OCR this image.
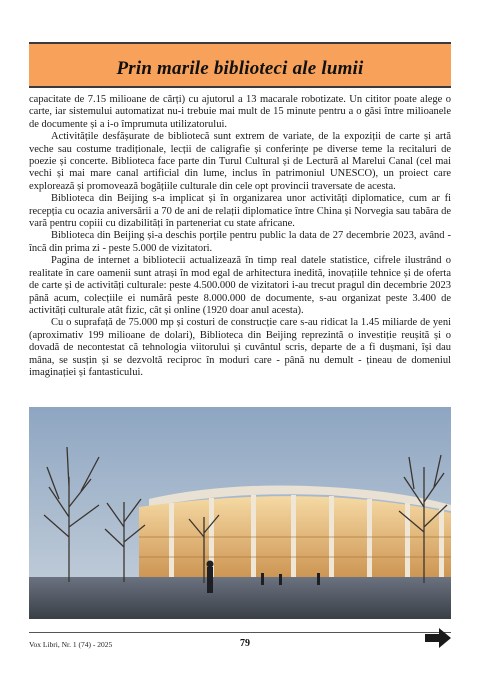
Prin marile biblioteci ale lumii

capacitate de 7.15 milioane de cărți) cu ajutorul a 13 macarale robotizate. Un cititor poate alege o carte, iar sistemului automatizat nu-i trebuie mai mult de 15 minute pentru a o găsi între milioanele de documente și a i-o împrumuta utilizatorului.

Activitățile desfășurate de bibliotecă sunt extrem de variate, de la expoziții de carte și artă veche sau costume tradiționale, lecții de caligrafie și conferințe pe diverse teme la recitaluri de poezie și concerte. Biblioteca face parte din Turul Cultural și de Lectură al Marelui Canal (cel mai vechi și mai mare canal artificial din lume, inclus în patrimoniul UNESCO), un proiect care explorează și promovează bogățiile culturale din cele opt provincii traversate de acesta.

Biblioteca din Beijing s-a implicat și în organizarea unor activități diplomatice, cum ar fi recepția cu ocazia aniversării a 70 de ani de relații diplomatice între China și Norvegia sau tabăra de vară pentru copiii cu dizabilități în parteneriat cu state africane.

Biblioteca din Beijing și-a deschis porțile pentru public la data de 27 decembrie 2023, având - încă din prima zi - peste 5.000 de vizitatori.

Pagina de internet a bibliotecii actualizează în timp real datele statistice, cifrele ilustrând o realitate în care oamenii sunt atrași în mod egal de arhitectura inedită, inovațiile tehnice și de oferta de carte și de activități culturale: peste 4.500.000 de vizitatori i-au trecut pragul din decembrie 2023 până acum, colecțiile ei numără peste 8.000.000 de documente, s-au organizat peste 3.400 de activități culturale atât fizic, cât și online (1920 doar anul acesta).

Cu o suprafață de 75.000 mp și costuri de construcție care s-au ridicat la 1.45 miliarde de yeni (aproximativ 199 milioane de dolari), Biblioteca din Beijing reprezintă o investiție reușită și o dovadă de necontestat că tehnologia viitorului și cuvântul scris, departe de a fi dușmani, își dau mâna, se susțin și se dezvoltă reciproc în moduri care - până nu demult - țineau de domeniul imaginației și fantasticului.

Vox Libri, Nr. 1 (74) - 2025	79
